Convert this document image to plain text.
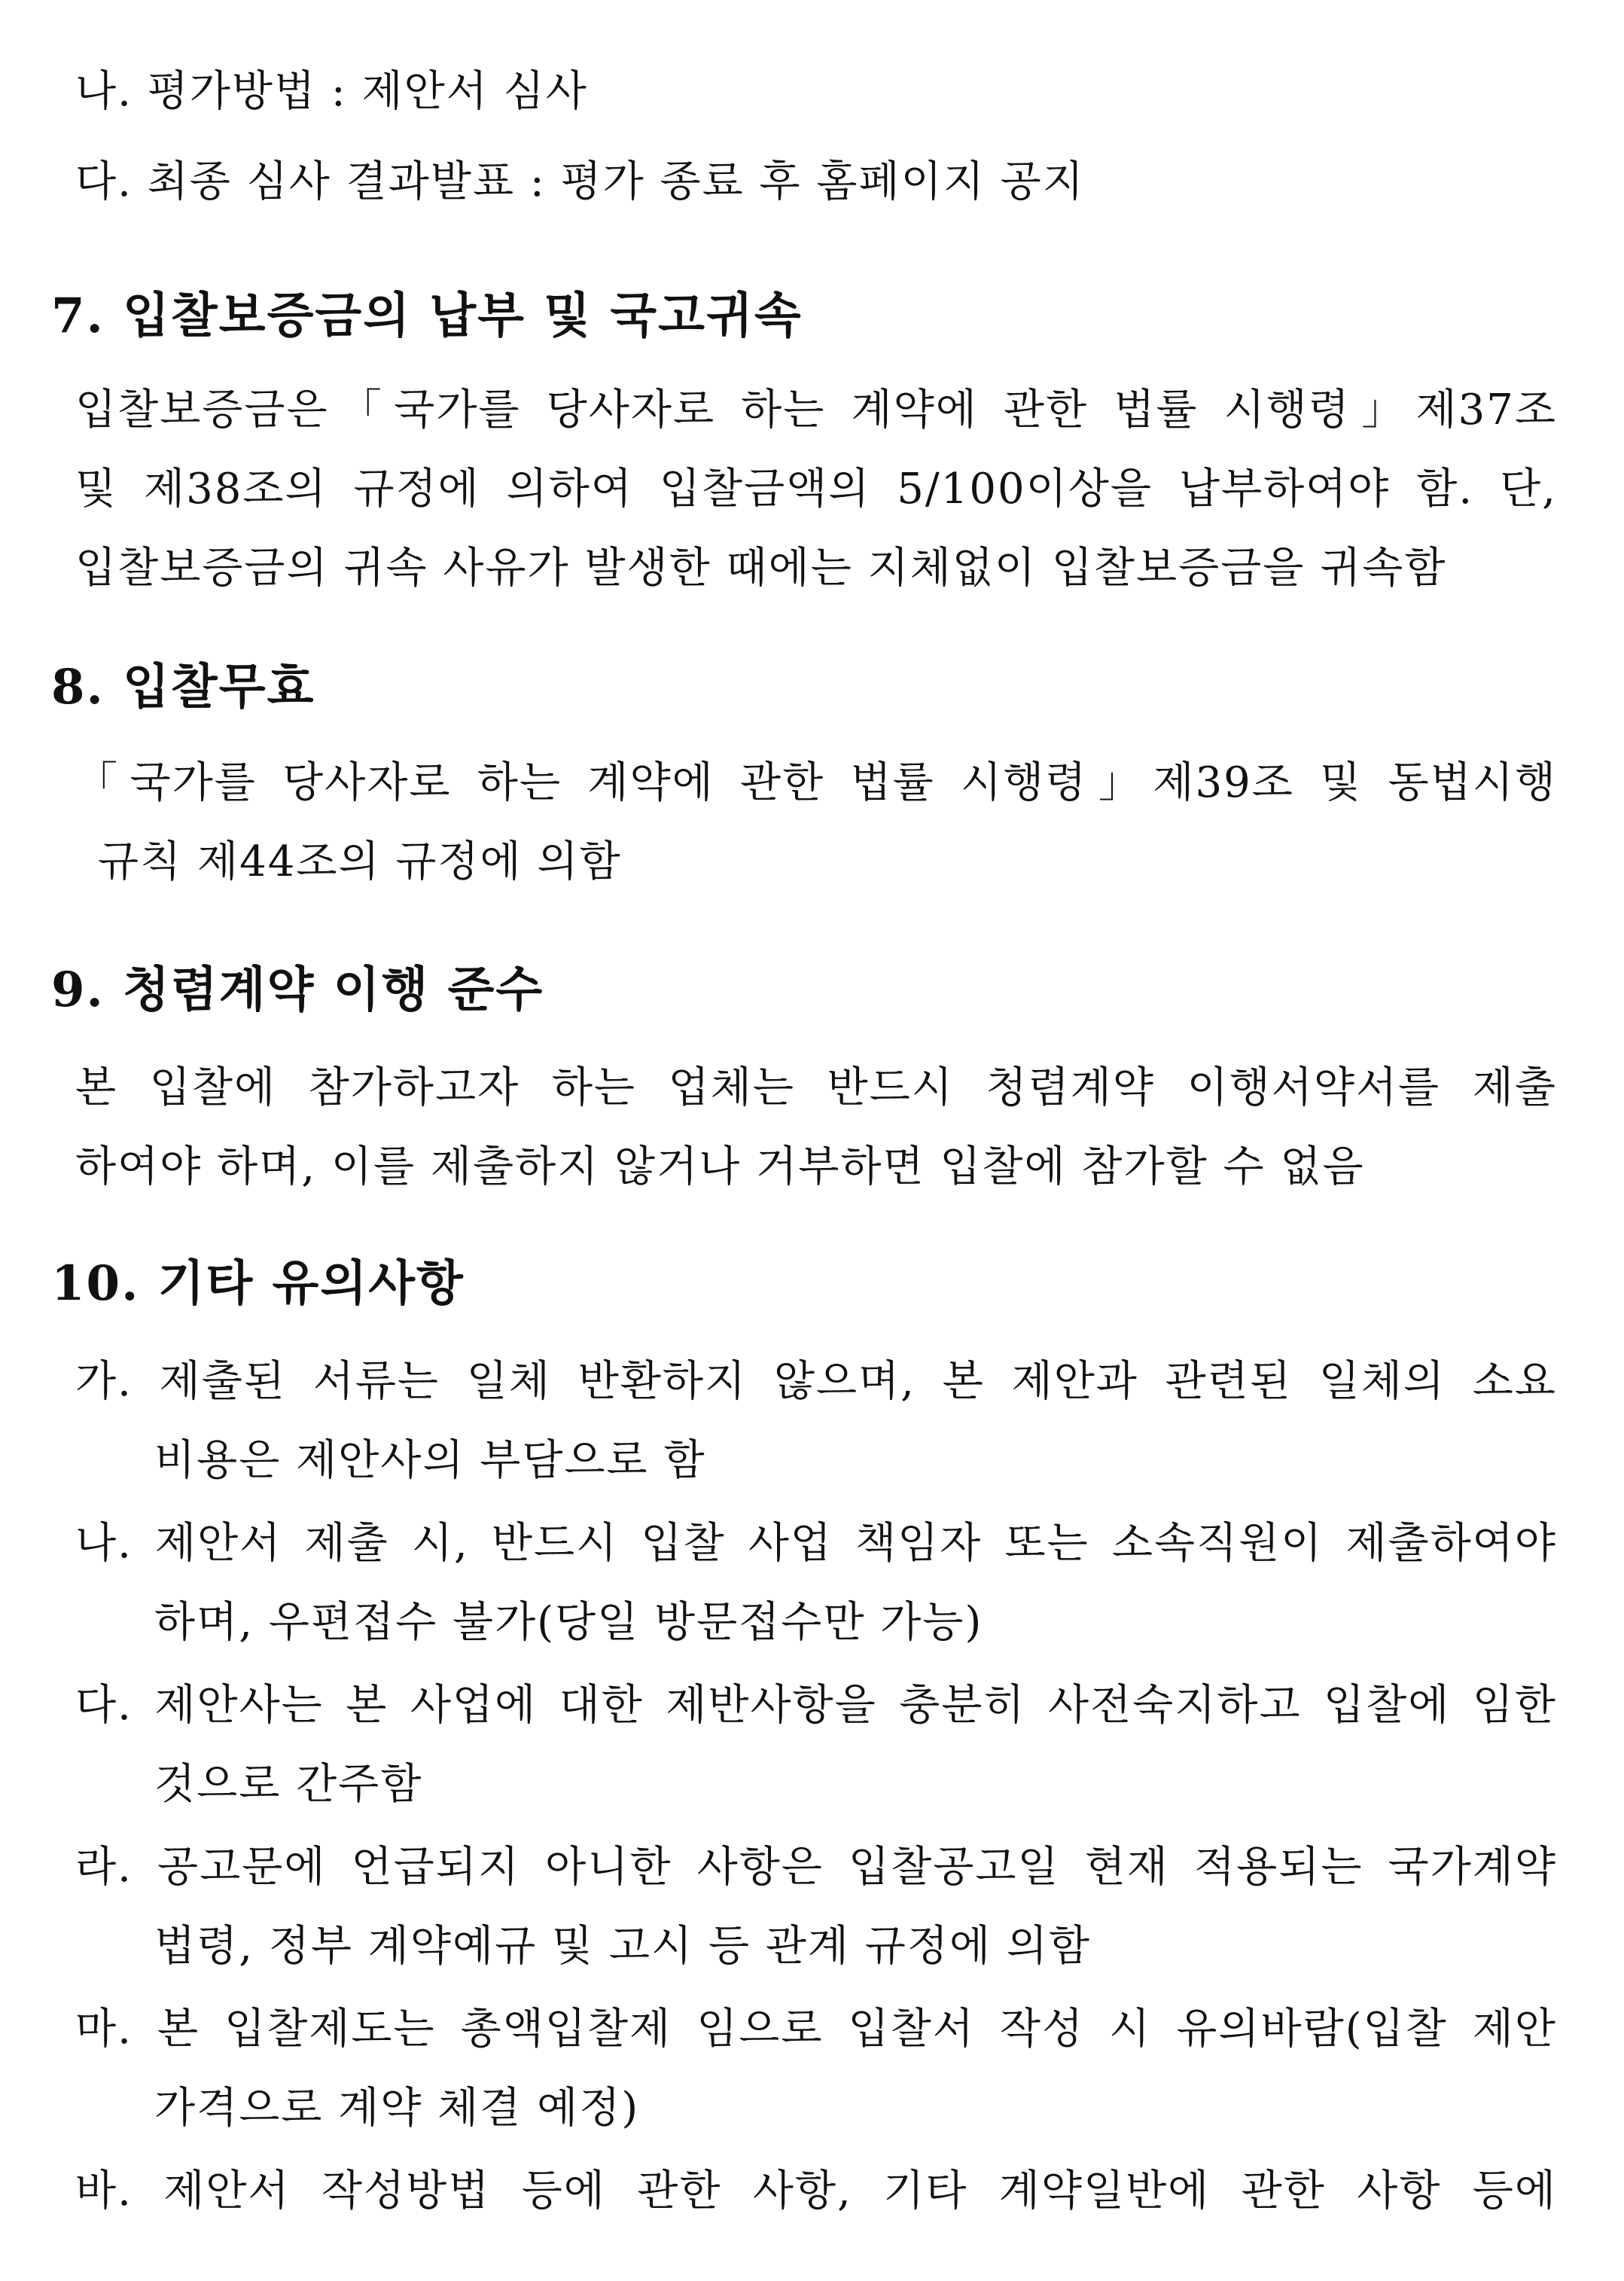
나. 평가방법 : 제안서 심사
다. 최종 심사 결과발표 : 평가 종료 후 홈페이지 공지
7. 입찰보증금의 납부 및 국고귀속
입찰보증금은「국가를 당사자로 하는 계약에 관한 법률 시행령」제37조
및 제38조의 규정에 의하여 입찰금액의 5/100이상을 납부하여야 함. 단,
입찰보증금의 귀속 사유가 발생한 때에는 지체없이 입찰보증금을 귀속함
8. 입찰무효
「국가를 당사자로 하는 계약에 관한 법률 시행령」제39조 및 동법시행
규칙 제44조의 규정에 의함
9. 청렴계약 이행 준수
본 입찰에 참가하고자 하는 업체는 반드시 청렴계약 이행서약서를 제출
하여야 하며, 이를 제출하지 않거나 거부하면 입찰에 참가할 수 없음
10. 기타 유의사항
가. 제출된 서류는 일체 반환하지 않으며, 본 제안과 관련된 일체의 소요
비용은 제안사의 부담으로 함
나. 제안서 제출 시, 반드시 입찰 사업 책임자 또는 소속직원이 제출하여야
하며, 우편접수 불가(당일 방문접수만 가능)
다. 제안사는 본 사업에 대한 제반사항을 충분히 사전숙지하고 입찰에 임한
것으로 간주함
라. 공고문에 언급되지 아니한 사항은 입찰공고일 현재 적용되는 국가계약
법령, 정부 계약예규 및 고시 등 관계 규정에 의함
마. 본 입찰제도는 총액입찰제 임으로 입찰서 작성 시 유의바람(입찰 제안
가격으로 계약 체결 예정)
바. 제안서 작성방법 등에 관한 사항, 기타 계약일반에 관한 사항 등에
